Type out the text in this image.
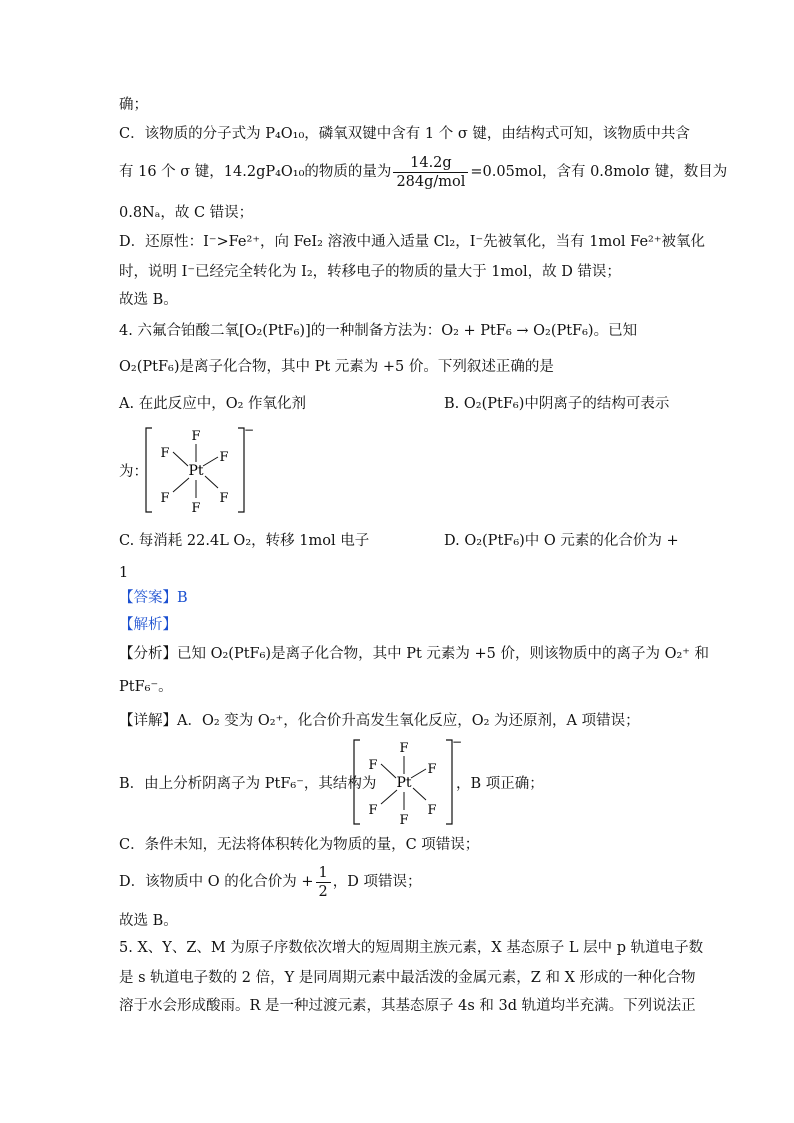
确；
C．该物质的分子式为 P₄O₁₀，磷氧双键中含有 1 个 σ 键，由结构式可知，该物质中共含
有 16 个 σ 键，14.2gP₄O₁₀的物质的量为 $\frac{14.2g}{\text{284g/mol}} =0.05mol$，含有 0.8molσ 键，数目为
0.8Nₐ，故 C 错误；
D．还原性：I⁻>Fe²⁺，向 FeI₂ 溶液中通入适量 Cl₂，I⁻先被氧化，当有 1mol Fe²⁺被氧化
时，说明 I⁻已经完全转化为 I₂，转移电子的物质的量大于 1mol，故 D 错误；
故选 B。
4. 六氟合铂酸二氧[O₂(PtF₆)]的一种制备方法为：O₂ + PtF₆ → O₂(PtF₆)。已知
O₂(PtF₆)是离子化合物，其中 Pt 元素为 +5 价。下列叙述正确的是
A. 在此反应中，O₂ 作氧化剂	B. O₂(PtF₆)中阴离子的结构可表示
为：	Pt
F
F
F	F
F	F
−
C. 每消耗 22.4L O₂，转移 1mol 电子	D. O₂(PtF₆)中 O 元素的化合价为 +
1
【答案】B
【解析】
【分析】已知 O₂(PtF₆)是离子化合物，其中 Pt 元素为 +5 价，则该物质中的离子为 O₂⁺ 和
PtF₆⁻。
【详解】A．O₂ 变为 O₂⁺，化合价升高发生氧化反应，O₂ 为还原剂，A 项错误；
B．由上分析阴离子为 PtF₆⁻，其结构为 Pt
F
F
F	F
F	F
−
，B 项正确；
C．条件未知，无法将体积转化为物质的量，C 项错误；
D．该物质中 O 的化合价为 + $\frac{1}{2}$ ，D 项错误；
故选 B。
5. X、Y、Z、M 为原子序数依次增大的短周期主族元素，X 基态原子 L 层中 p 轨道电子数
是 s 轨道电子数的 2 倍，Y 是同周期元素中最活泼的金属元素，Z 和 X 形成的一种化合物
溶于水会形成酸雨。R 是一种过渡元素，其基态原子 4s 和 3d 轨道均半充满。下列说法正
